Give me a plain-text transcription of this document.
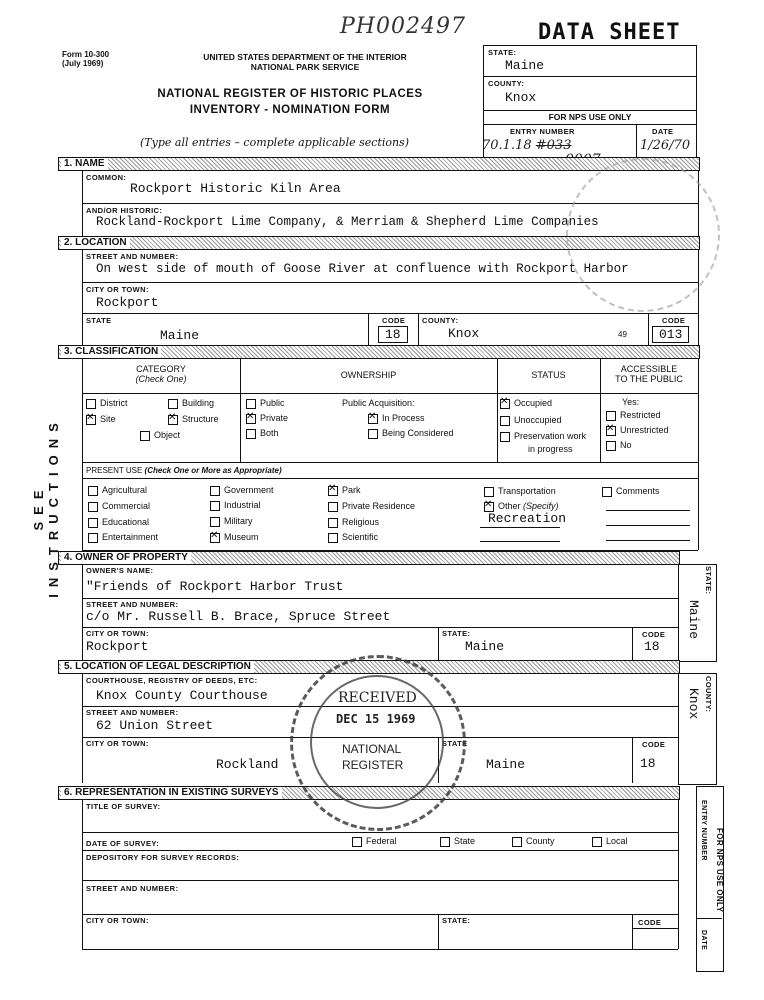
Form 10-300
(July 1969)
UNITED STATES DEPARTMENT OF THE INTERIOR
NATIONAL PARK SERVICE
NATIONAL REGISTER OF HISTORIC PLACES
INVENTORY - NOMINATION FORM
(Type all entries – complete applicable sections)
PH002497	DATA SHEET
STATE:
Maine
COUNTY:
Knox
FOR NPS USE ONLY
ENTRY NUMBER	DATE
70.1.18 #033	1/26/70
1. NAME
COMMON:
Rockport Historic Kiln Area
AND/OR HISTORIC:
Rockland-Rockport Lime Company, & Merriam & Shepherd Lime Companies
2. LOCATION
STREET AND NUMBER:
On west side of mouth of Goose River at confluence with Rockport Harbor
CITY OR TOWN:
Rockport
STATE
Maine
CODE
18
COUNTY:
Knox	49
CODE
013
3. CLASSIFICATION
CATEGORY
(Check One)	OWNERSHIP	STATUS
ACCESSIBLE
TO THE PUBLIC
District	Building
✕Site
✕	Structure
Object
Public
✕Private
Both
Public Acquisition:
✕In Process
Being Considered
✕Occupied
Unoccupied
Preservation work
in progress
Yes:
Restricted
✕Unrestricted
No
PRESENT USE (Check One or More as Appropriate)
Agricultural
Commercial
Educational
Entertainment
Government
Industrial
Military
✕Museum
✕Park
Private Residence
Religious
Scientific
Transportation
✕Other (Specify)
Recreation
Comments
4. OWNER OF PROPERTY
OWNER'S NAME:
"Friends of Rockport Harbor Trust
STREET AND NUMBER:
c/o Mr. Russell B. Brace, Spruce Street
CITY OR TOWN:
Rockport
STATE:
Maine
CODE
18
STATE:
Maine
5. LOCATION OF LEGAL DESCRIPTION
COURTHOUSE, REGISTRY OF DEEDS, ETC:
Knox County Courthouse
STREET AND NUMBER:
62 Union Street
CITY OR TOWN:
Rockland
STATE
Maine
CODE
18
COUNTY:
Knox
6. REPRESENTATION IN EXISTING SURVEYS
TITLE OF SURVEY:
DATE OF SURVEY:	Federal	State	County	Local
DEPOSITORY FOR SURVEY RECORDS:
STREET AND NUMBER:
CITY OR TOWN:	STATE:	CODE
FOR NPS USE ONLY
ENTRY NUMBER
DATE
SEE INSTRUCTIONS
RECEIVED
DEC 15 1969
NATIONAL
REGISTER
